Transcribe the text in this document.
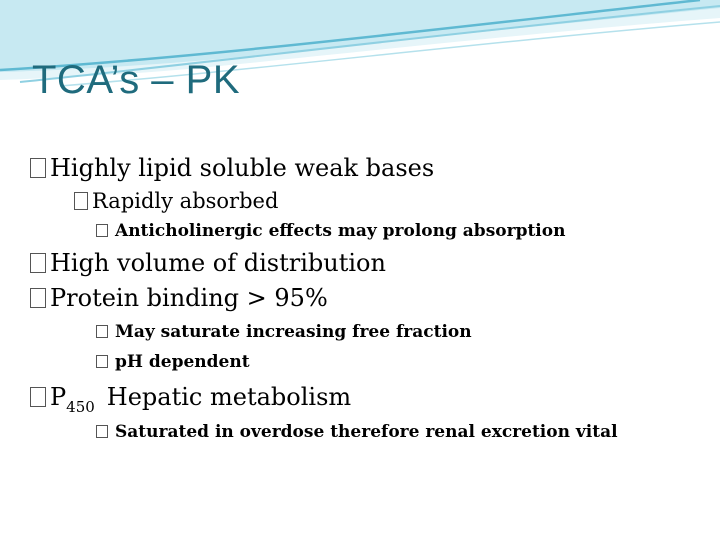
TCA’s – PK
Highly lipid soluble weak bases
Rapidly absorbed
Anticholinergic effects may prolong absorption
High volume of distribution
Protein binding > 95%
May saturate increasing free fraction
pH dependent
P 450 Hepatic metabolism
Saturated in overdose therefore renal excretion vital
